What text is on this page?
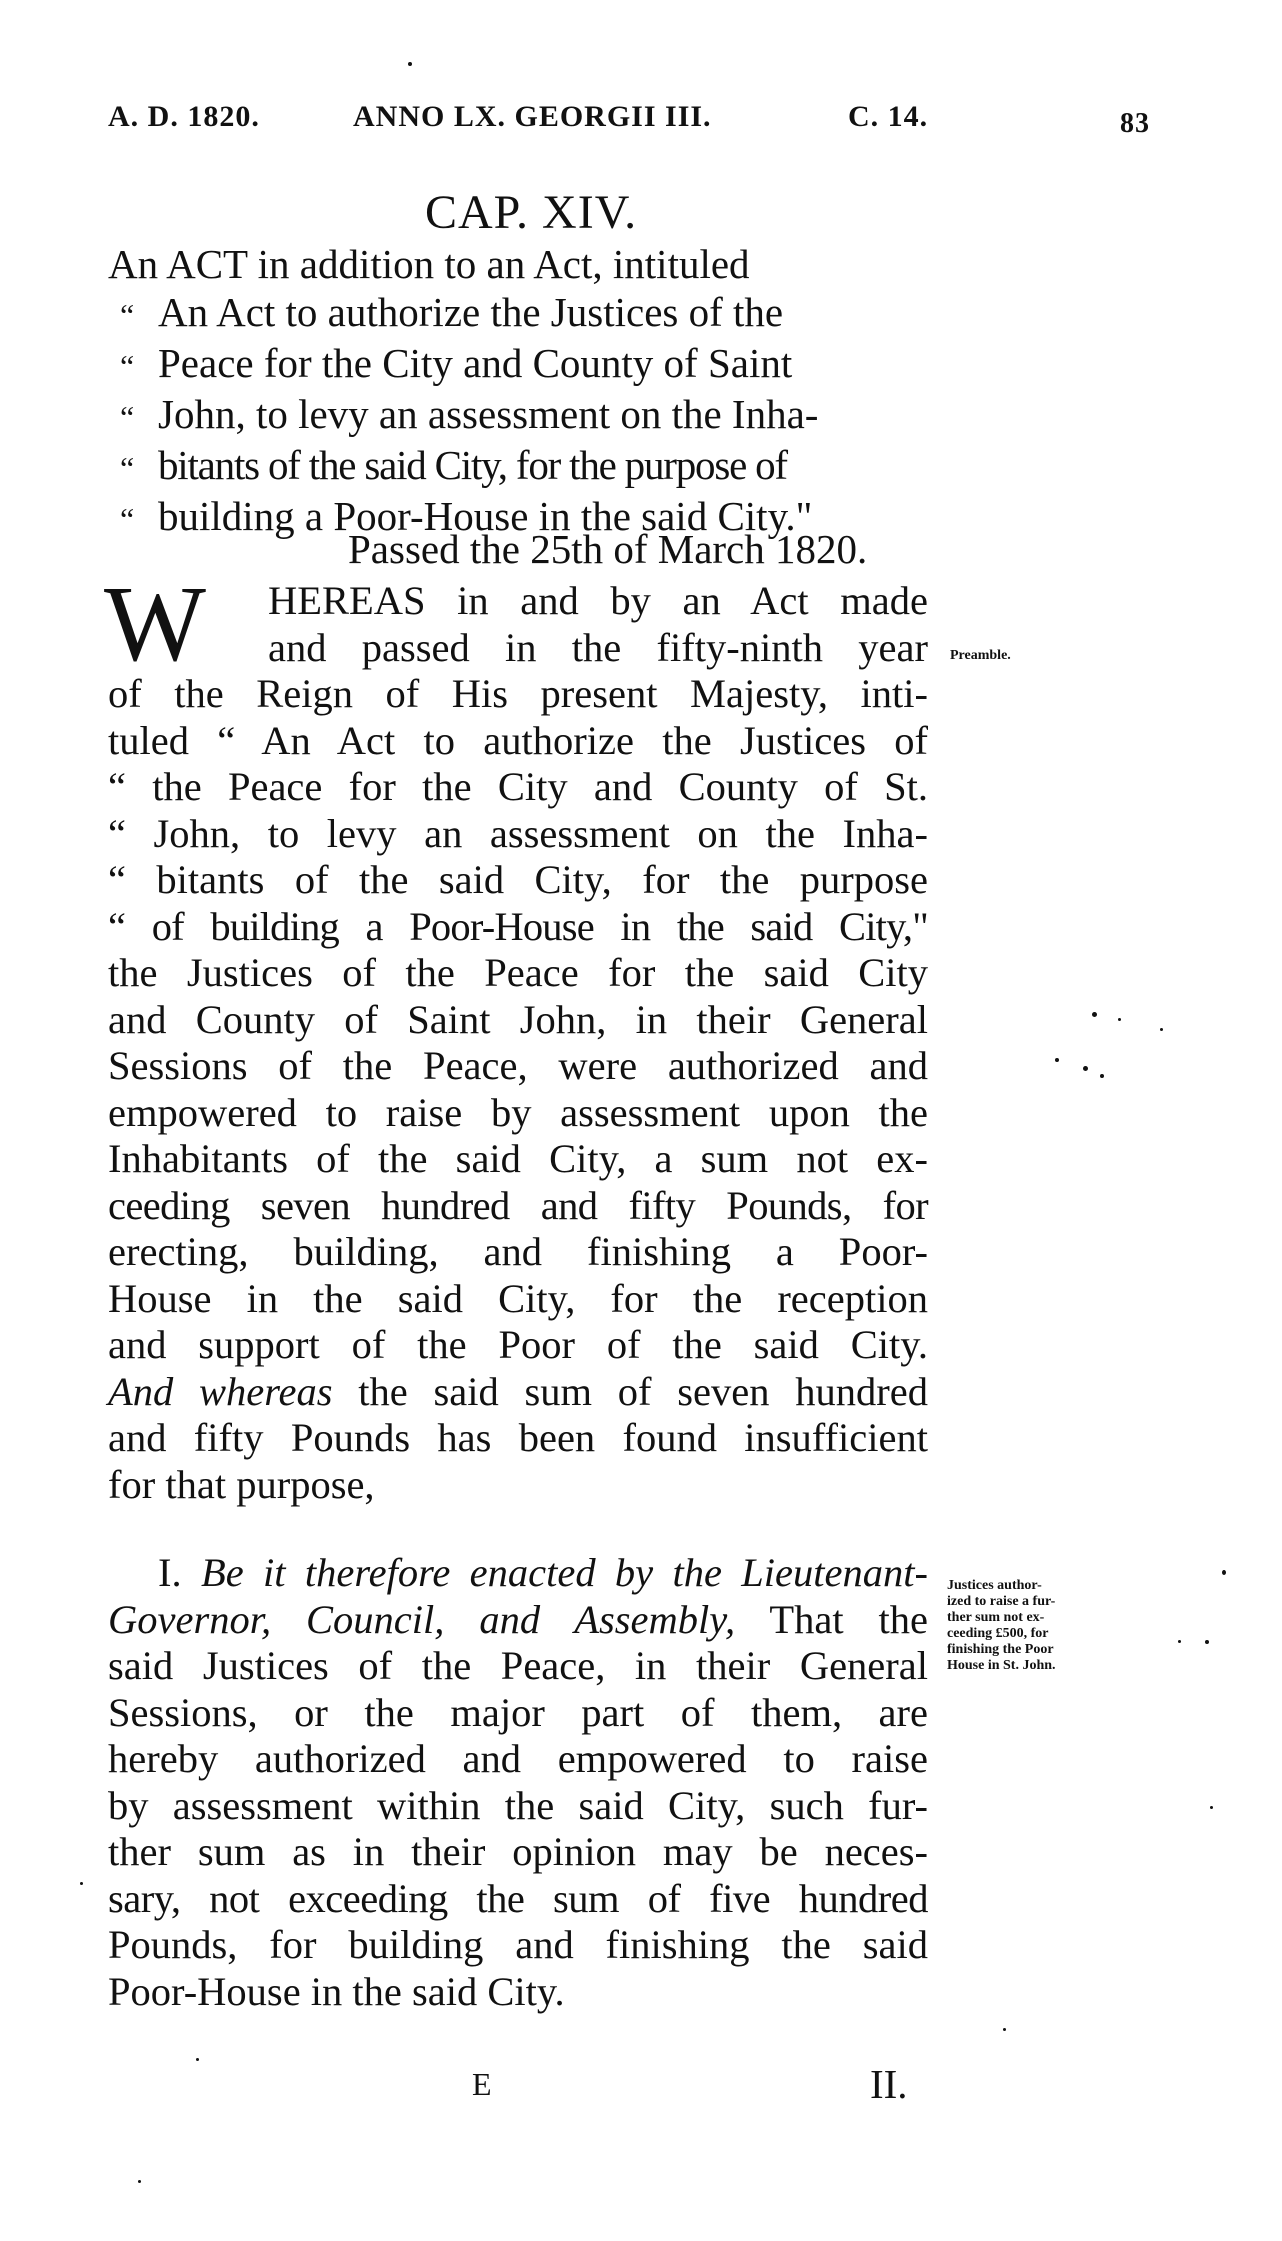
A. D. 1820.	ANNO LX. GEORGII III.	C. 14.	83
CAP. XIV.
An ACT in addition to an Act, intituled
“ An Act to authorize the Justices of the
“ Peace for the City and County of Saint
“ John, to levy an assessment on the Inha-
“ bitants of the said City, for the purpose of
“ building a Poor-House in the said City."
Passed the 25th of March 1820.
W	HEREAS in and by an Act made
and passed in the fifty-ninth year
of the Reign of His present Majesty, inti-
tuled “ An Act to authorize the Justices of
“ the Peace for the City and County of St.
“ John, to levy an assessment on the Inha-
“ bitants of the said City, for the purpose
“ of building a Poor-House in the said City,"
the Justices of the Peace for the said City
and County of Saint John, in their General
Sessions of the Peace, were authorized and
empowered to raise by assessment upon the
Inhabitants of the said City, a sum not ex-
ceeding seven hundred and fifty Pounds, for
erecting, building, and finishing a Poor-
House in the said City, for the reception
and support of the Poor of the said City.
And whereas the said sum of seven hundred
and fifty Pounds has been found insufficient
for that purpose,
I. Be it therefore enacted by the Lieutenant-
Governor, Council, and Assembly, That the
said Justices of the Peace, in their General
Sessions, or the major part of them, are
hereby authorized and empowered to raise
by assessment within the said City, such fur-
ther sum as in their opinion may be neces-
sary, not exceeding the sum of five hundred
Pounds, for building and finishing the said
Poor-House in the said City.
Preamble.
Justices author-
ized to raise a fur-
ther sum not ex-
ceeding £500, for
finishing the Poor
House in St. John.
E	II.
